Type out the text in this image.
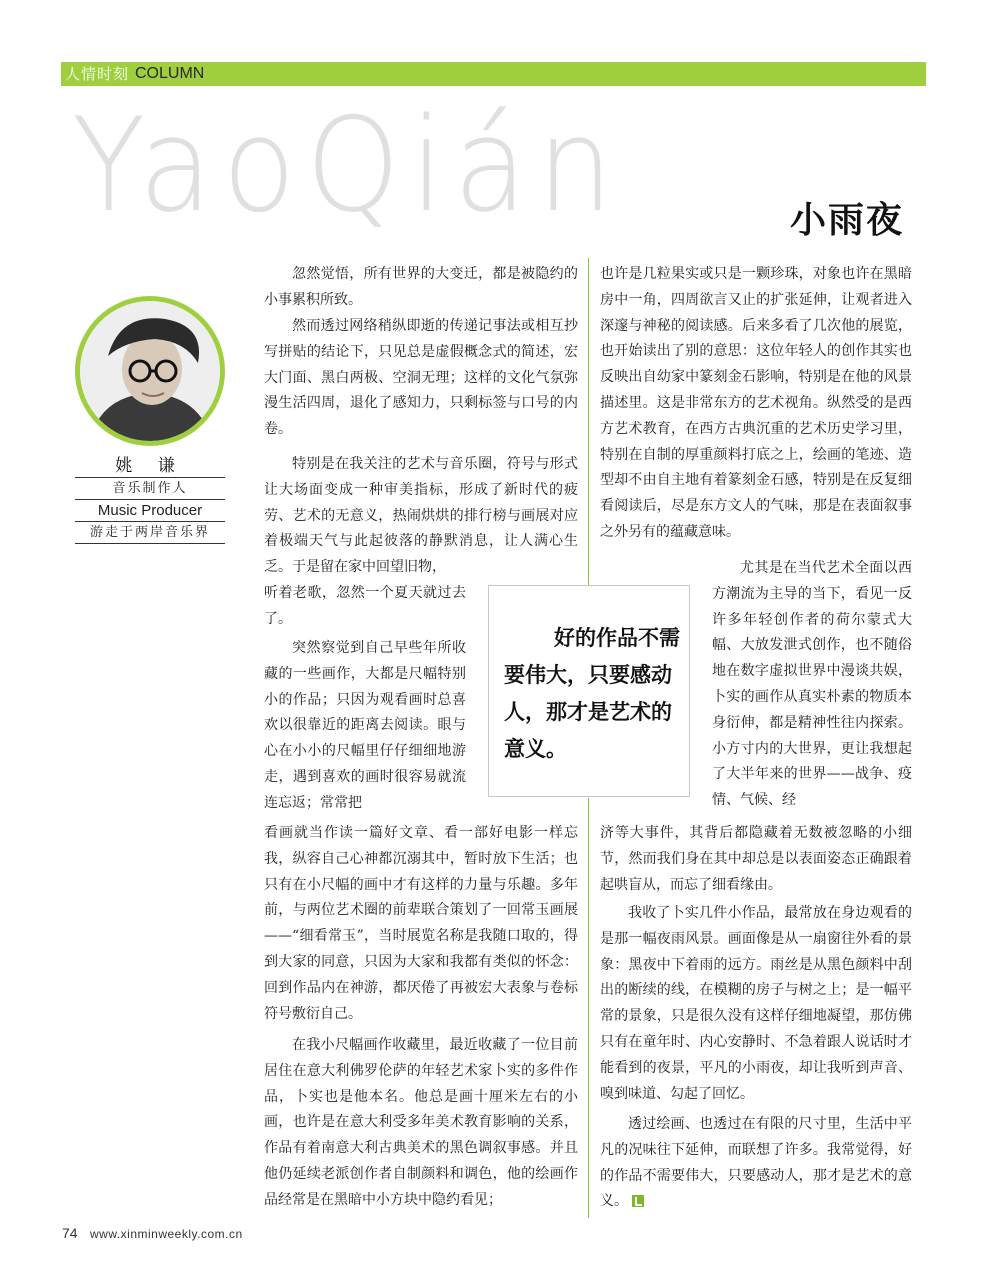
人情时刻 COLUMN
YaoQián	小雨夜
姚 谦
音乐制作人
Music Producer
游走于两岸音乐界

忽然觉悟，所有世界的大变迁，都是被隐约的小事累积所致。

然而透过网络稍纵即逝的传递记事法或相互抄写拼贴的结论下，只见总是虚假概念式的简述，宏大门面、黑白两极、空洞无理；这样的文化气氛弥漫生活四周，退化了感知力，只剩标签与口号的内卷。

特别是在我关注的艺术与音乐圈，符号与形式让大场面变成一种审美指标，形成了新时代的疲劳、艺术的无意义，热闹烘烘的排行榜与画展对应着极端天气与此起彼落的静默消息，让人满心生乏。于是留在家中回望旧物，

听着老歌，忽然一个夏天就过去了。

突然察觉到自己早些年所收藏的一些画作，大都是尺幅特别小的作品；只因为观看画时总喜欢以很靠近的距离去阅读。眼与心在小小的尺幅里仔仔细细地游走，遇到喜欢的画时很容易就流连忘返；常常把

看画就当作读一篇好文章、看一部好电影一样忘我，纵容自己心神都沉溺其中，暂时放下生活；也只有在小尺幅的画中才有这样的力量与乐趣。多年前，与两位艺术圈的前辈联合策划了一回常玉画展——“细看常玉”，当时展览名称是我随口取的，得到大家的同意，只因为大家和我都有类似的怀念：回到作品内在神游，都厌倦了再被宏大表象与卷标符号敷衍自己。

在我小尺幅画作收藏里，最近收藏了一位目前居住在意大利佛罗伦萨的年轻艺术家卜实的多件作品，卜实也是他本名。他总是画十厘米左右的小画，也许是在意大利受多年美术教育影响的关系，作品有着南意大利古典美术的黑色调叙事感。并且他仍延续老派创作者自制颜料和调色，他的绘画作品经常是在黑暗中小方块中隐约看见；

也许是几粒果实或只是一颗珍珠，对象也许在黑暗房中一角，四周欲言又止的扩张延伸，让观者进入深邃与神秘的阅读感。后来多看了几次他的展览，也开始读出了别的意思：这位年轻人的创作其实也反映出自幼家中篆刻金石影响，特别是在他的风景描述里。这是非常东方的艺术视角。纵然受的是西方艺术教育，在西方古典沉重的艺术历史学习里，特别在自制的厚重颜料打底之上，绘画的笔迹、造型却不由自主地有着篆刻金石感，特别是在反复细看阅读后，尽是东方文人的气味，那是在表面叙事之外另有的蕴藏意味。

尤其是在当代艺术全面以西方潮流为主导的当下，看见一反许多年轻创作者的荷尔蒙式大幅、大放发泄式创作，也不随俗地在数字虚拟世界中漫谈共娱，卜实的画作从真实朴素的物质本身衍伸，都是精神性往内探索。小方寸内的大世界，更让我想起了大半年来的世界——战争、疫情、气候、经

济等大事件，其背后都隐藏着无数被忽略的小细节，然而我们身在其中却总是以表面姿态正确跟着起哄盲从，而忘了细看缘由。

我收了卜实几件小作品，最常放在身边观看的是那一幅夜雨风景。画面像是从一扇窗往外看的景象：黑夜中下着雨的远方。雨丝是从黑色颜料中刮出的断续的线，在模糊的房子与树之上；是一幅平常的景象，只是很久没有这样仔细地凝望，那仿佛只有在童年时、内心安静时、不急着跟人说话时才能看到的夜景，平凡的小雨夜，却让我听到声音、嗅到味道、勾起了回忆。

透过绘画、也透过在有限的尺寸里，生活中平凡的况味往下延伸，而联想了许多。我常觉得，好的作品不需要伟大，只要感动人，那才是艺术的意义。

好的作品不需要伟大，只要感动人，那才是艺术的意义。
74 www.xinminweekly.com.cn
